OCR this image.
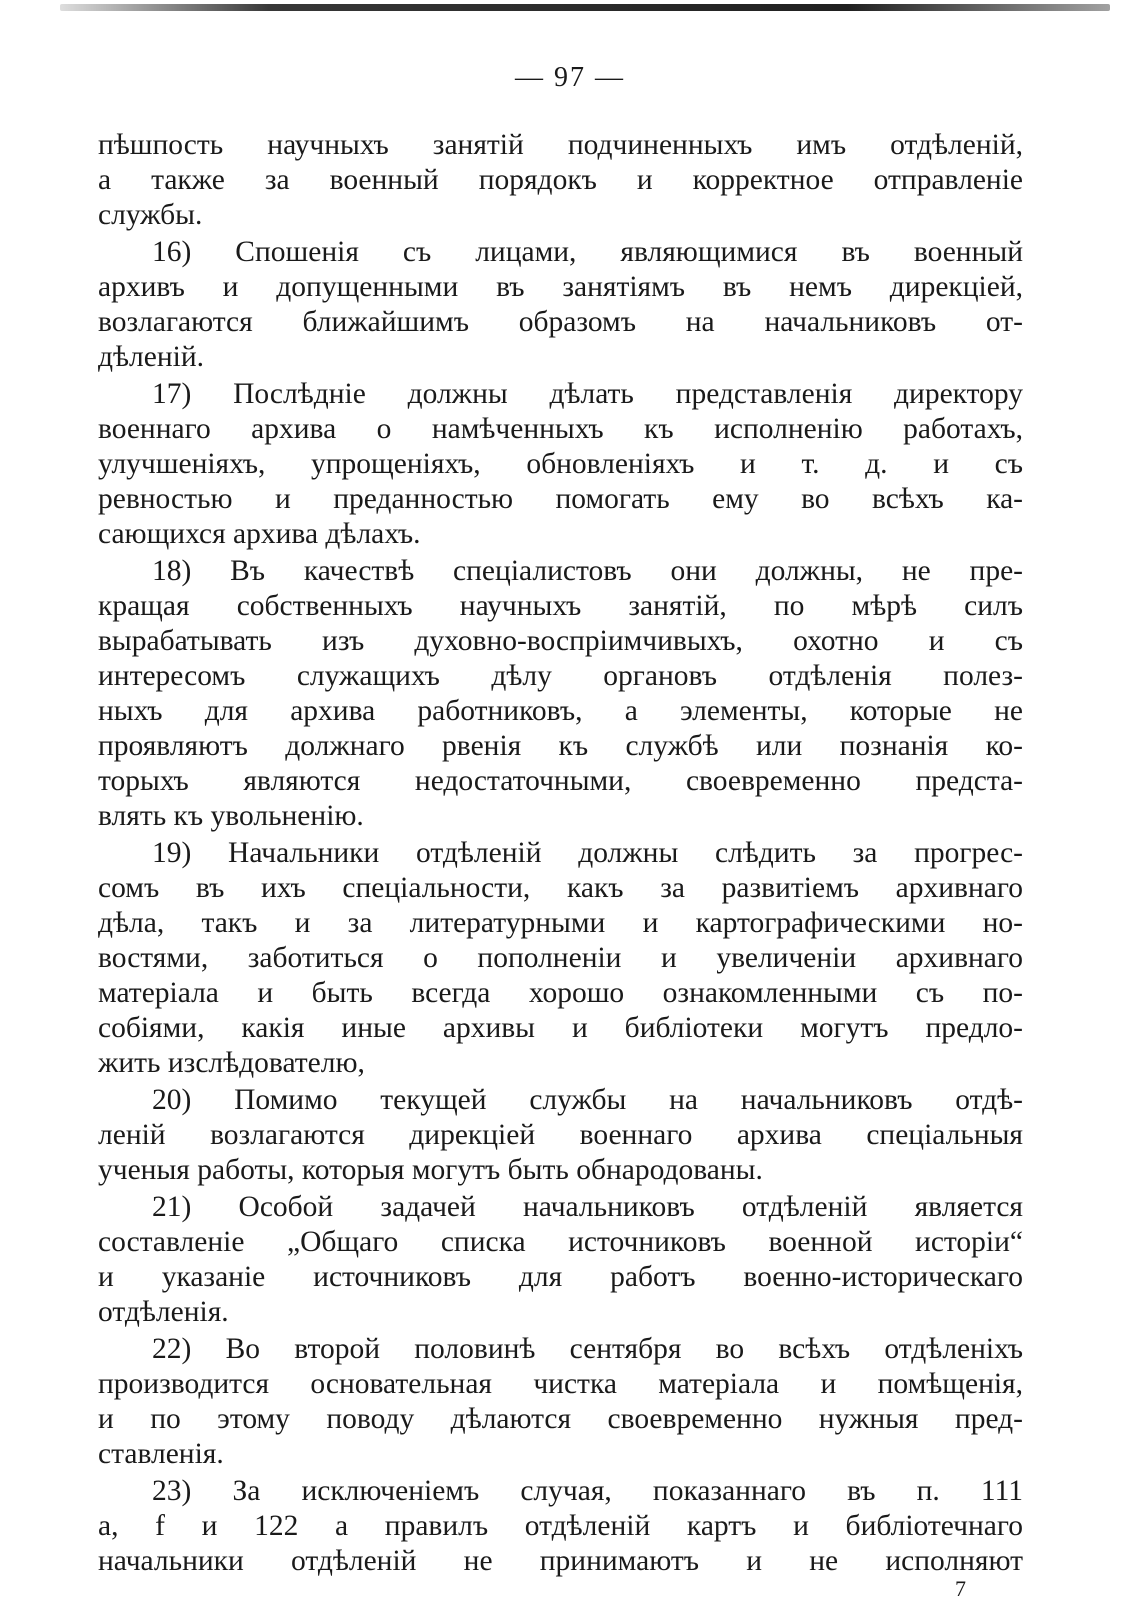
— 97 —
пѣшпость научныхъ занятій подчиненныхъ имъ отдѣленій,
а также за военный порядокъ и корректное отправленіе
службы.
16) Спошенія съ лицами, являющимися въ военный
архивъ и допущенными въ занятіямъ въ немъ дирекціей,
возлагаются ближайшимъ образомъ на начальниковъ от-
дѣленій.
17) Послѣдніе должны дѣлать представленія директору
военнаго архива о намѣченныхъ къ исполненію работахъ,
улучшеніяхъ, упрощеніяхъ, обновленіяхъ и т. д. и съ
ревностью и преданностью помогать ему во всѣхъ ка-
сающихся архива дѣлахъ.
18) Въ качествѣ спеціалистовъ они должны, не пре-
кращая собственныхъ научныхъ занятій, по мѣрѣ силъ
вырабатывать изъ духовно-воспріимчивыхъ, охотно и съ
интересомъ служащихъ дѣлу органовъ отдѣленія полез-
ныхъ для архива работниковъ, а элементы, которые не
проявляютъ должнаго рвенія къ службѣ или познанія ко-
торыхъ являются недостаточными, своевременно предста-
влять къ увольненію.
19) Начальники отдѣленій должны слѣдить за прогрес-
сомъ въ ихъ спеціальности, какъ за развитіемъ архивнаго
дѣла, такъ и за литературными и картографическими но-
востями, заботиться о пополненіи и увеличеніи архивнаго
матеріала и быть всегда хорошо ознакомленными съ по-
собіями, какія иные архивы и библіотеки могутъ предло-
жить изслѣдователю,
20) Помимо текущей службы на начальниковъ отдѣ-
леній возлагаются дирекціей военнаго архива спеціальныя
ученыя работы, которыя могутъ быть обнародованы.
21) Особой задачей начальниковъ отдѣленій является
составленіе „Общаго списка источниковъ военной исторіи“
и указаніе источниковъ для работъ военно-историческаго
отдѣленія.
22) Во второй половинѣ сентября во всѣхъ отдѣленіхъ
производится основательная чистка матеріала и помѣщенія,
и по этому поводу дѣлаются своевременно нужныя пред-
ставленія.
23) За исключеніемъ случая, показаннаго въ п. 111
а, f и 122 а правилъ отдѣленій картъ и библіотечнаго
начальники отдѣленій не принимаютъ и не исполняют
7
